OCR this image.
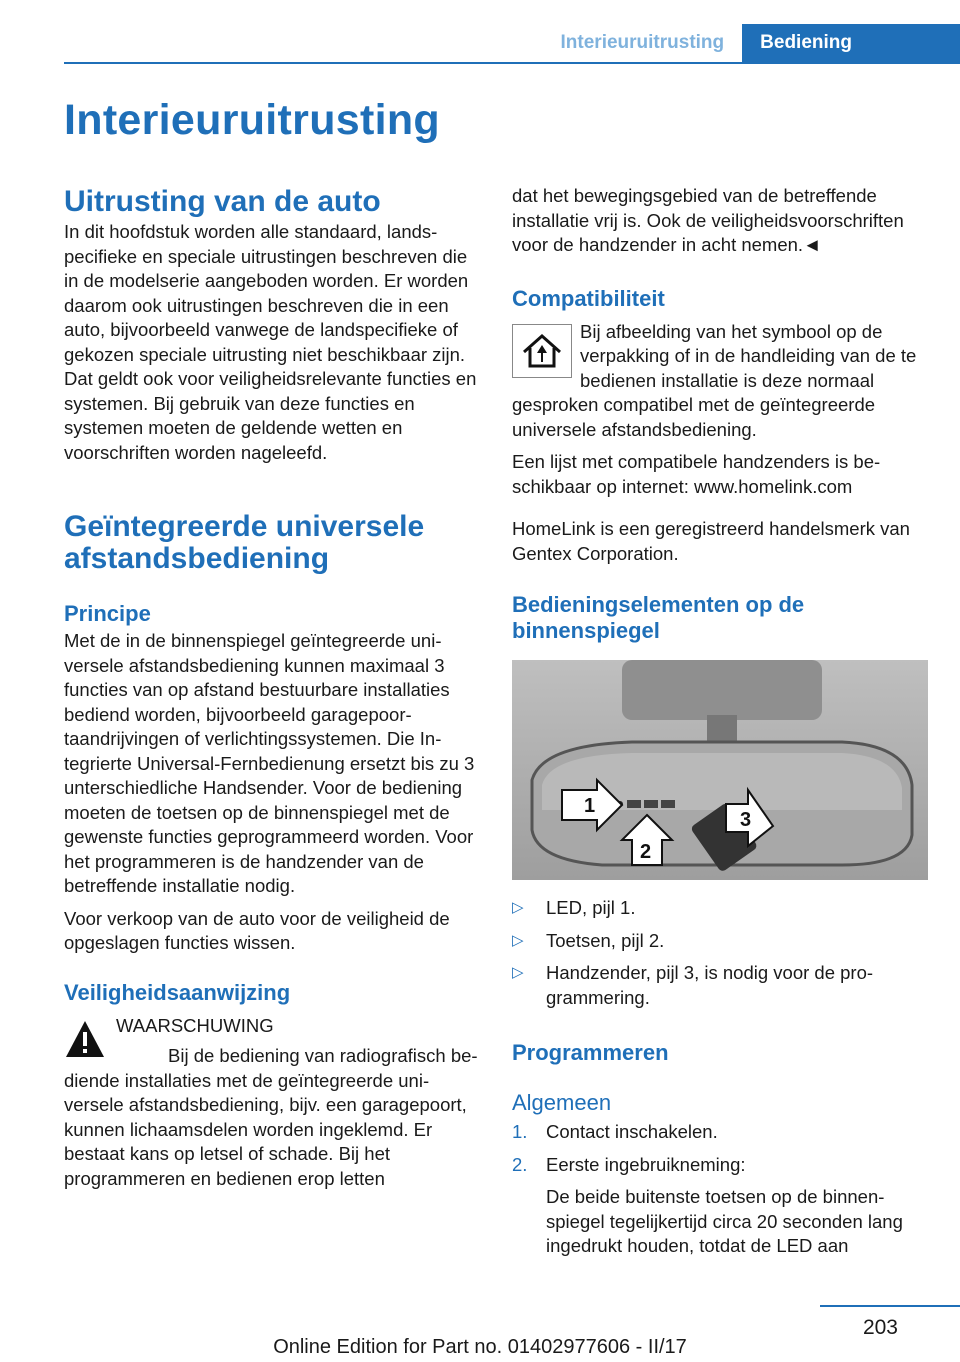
Interieuruitrusting	Bediening
Interieuruitrusting
Uitrusting van de auto

In dit hoofdstuk worden alle standaard, landspecifieke en speciale uitrustingen beschreven die in de modelserie aangeboden worden. Er worden daarom ook uitrustingen beschreven die in een auto, bijvoorbeeld vanwege de landspecifieke of gekozen speciale uitrusting niet beschikbaar zijn. Dat geldt ook voor veiligheidsrelevante functies en systemen. Bij gebruik van deze functies en systemen moeten de geldende wetten en voorschriften worden nageleefd.

Geïntegreerde universele afstandsbediening
Principe

Met de in de binnenspiegel geïntegreerde universele afstandsbediening kunnen maximaal 3 functies van op afstand bestuurbare installaties bediend worden, bijvoorbeeld garagepoortaandrijvingen of verlichtingssystemen. Die Integrierte Universal-Fernbedienung ersetzt bis zu 3 unterschiedliche Handsender. Voor de bediening moeten de toetsen op de binnenspiegel met de gewenste functies geprogrammeerd worden. Voor het programmeren is de handzender van de betreffende installatie nodig.

Voor verkoop van de auto voor de veiligheid de opgeslagen functies wissen.

Veiligheidsaanwijzing

WAARSCHUWING

Bij de bediening van radiografisch bediende installaties met de geïntegreerde universele afstandsbediening, bijv. een garagepoort, kunnen lichaamsdelen worden ingeklemd. Er bestaat kans op letsel of schade. Bij het programmeren en bedienen erop letten

dat het bewegingsgebied van de betreffende installatie vrij is. Ook de veiligheidsvoorschriften voor de handzender in acht nemen.◄

Compatibiliteit

Bij afbeelding van het symbool op de verpakking of in de handleiding van de te bedienen installatie is deze normaal gesproken compatibel met de geïntegreerde universele afstandsbediening.

Een lijst met compatibele handzenders is beschikbaar op internet: www.homelink.com

HomeLink is een geregistreerd handelsmerk van Gentex Corporation.

Bedieningselementen op de binnenspiegel
1
2
3
▷ LED, pijl 1.
▷ Toetsen, pijl 2.
▷ Handzender, pijl 3, is nodig voor de programmering.
Programmeren
Algemeen
1. Contact inschakelen.
2. Eerste ingebruikneming:

De beide buitenste toetsen op de binnenspiegel tegelijkertijd circa 20 seconden lang ingedrukt houden, totdat de LED aan

203
Online Edition for Part no. 01402977606 - II/17
